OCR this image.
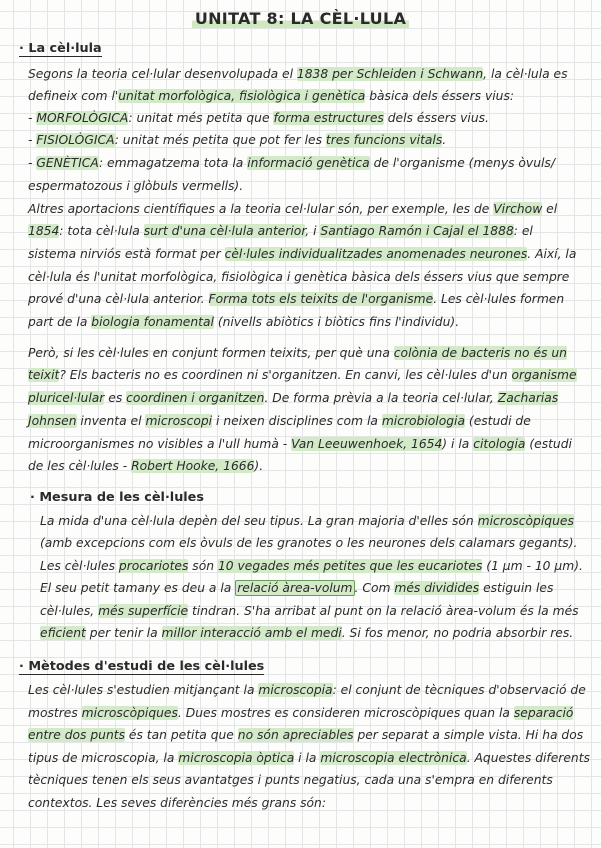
UNITAT 8: LA CÈL·LULA
· La cèl·lula
Segons la teoria cel·lular desenvolupada el 1838 per Schleiden i Schwann, la cèl·lula es
defineix com l'unitat morfològica, fisiològica i genètica bàsica dels éssers vius:
- MORFOLÒGICA: unitat més petita que forma estructures dels éssers vius.
- FISIOLÒGICA: unitat més petita que pot fer les tres funcions vitals.
- GENÈTICA: emmagatzema tota la informació genètica de l'organisme (menys òvuls/
espermatozous i glòbuls vermells).
Altres aportacions científiques a la teoria cel·lular són, per exemple, les de Virchow el
1854: tota cèl·lula surt d'una cèl·lula anterior, i Santiago Ramón i Cajal el 1888: el
sistema nirviós està format per cèl·lules individualitzades anomenades neurones. Així, la
cèl·lula és l'unitat morfològica, fisiològica i genètica bàsica dels éssers vius que sempre
prové d'una cèl·lula anterior. Forma tots els teixits de l'organisme. Les cèl·lules formen
part de la biologia fonamental (nivells abiòtics i biòtics fins l'individu).
Però, si les cèl·lules en conjunt formen teixits, per què una colònia de bacteris no és un
teixit? Els bacteris no es coordinen ni s'organitzen. En canvi, les cèl·lules d'un organisme
pluricel·lular es coordinen i organitzen. De forma prèvia a la teoria cel·lular, Zacharias
Johnsen inventa el microscopi i neixen disciplines com la microbiologia (estudi de
microorganismes no visibles a l'ull humà - Van Leeuwenhoek, 1654) i la citologia (estudi
de les cèl·lules - Robert Hooke, 1666).
· Mesura de les cèl·lules
La mida d'una cèl·lula depèn del seu tipus. La gran majoria d'elles són microscòpiques
(amb excepcions com els òvuls de les granotes o les neurones dels calamars gegants).
Les cèl·lules procariotes són 10 vegades més petites que les eucariotes (1 μm - 10 μm).
El seu petit tamany es deu a la relació àrea-volum . Com més dividides estiguin les
cèl·lules, més superfície tindran. S'ha arribat al punt on la relació àrea-volum és la més
eficient per tenir la millor interacció amb el medi. Si fos menor, no podria absorbir res.
· Mètodes d'estudi de les cèl·lules
Les cèl·lules s'estudien mitjançant la microscopia: el conjunt de tècniques d'observació de
mostres microscòpiques. Dues mostres es consideren microscòpiques quan la separació
entre dos punts és tan petita que no són apreciables per separat a simple vista. Hi ha dos
tipus de microscopia, la microscopia òptica i la microscopia electrònica. Aquestes diferents
tècniques tenen els seus avantatges i punts negatius, cada una s'empra en diferents
contextos. Les seves diferències més grans són:
